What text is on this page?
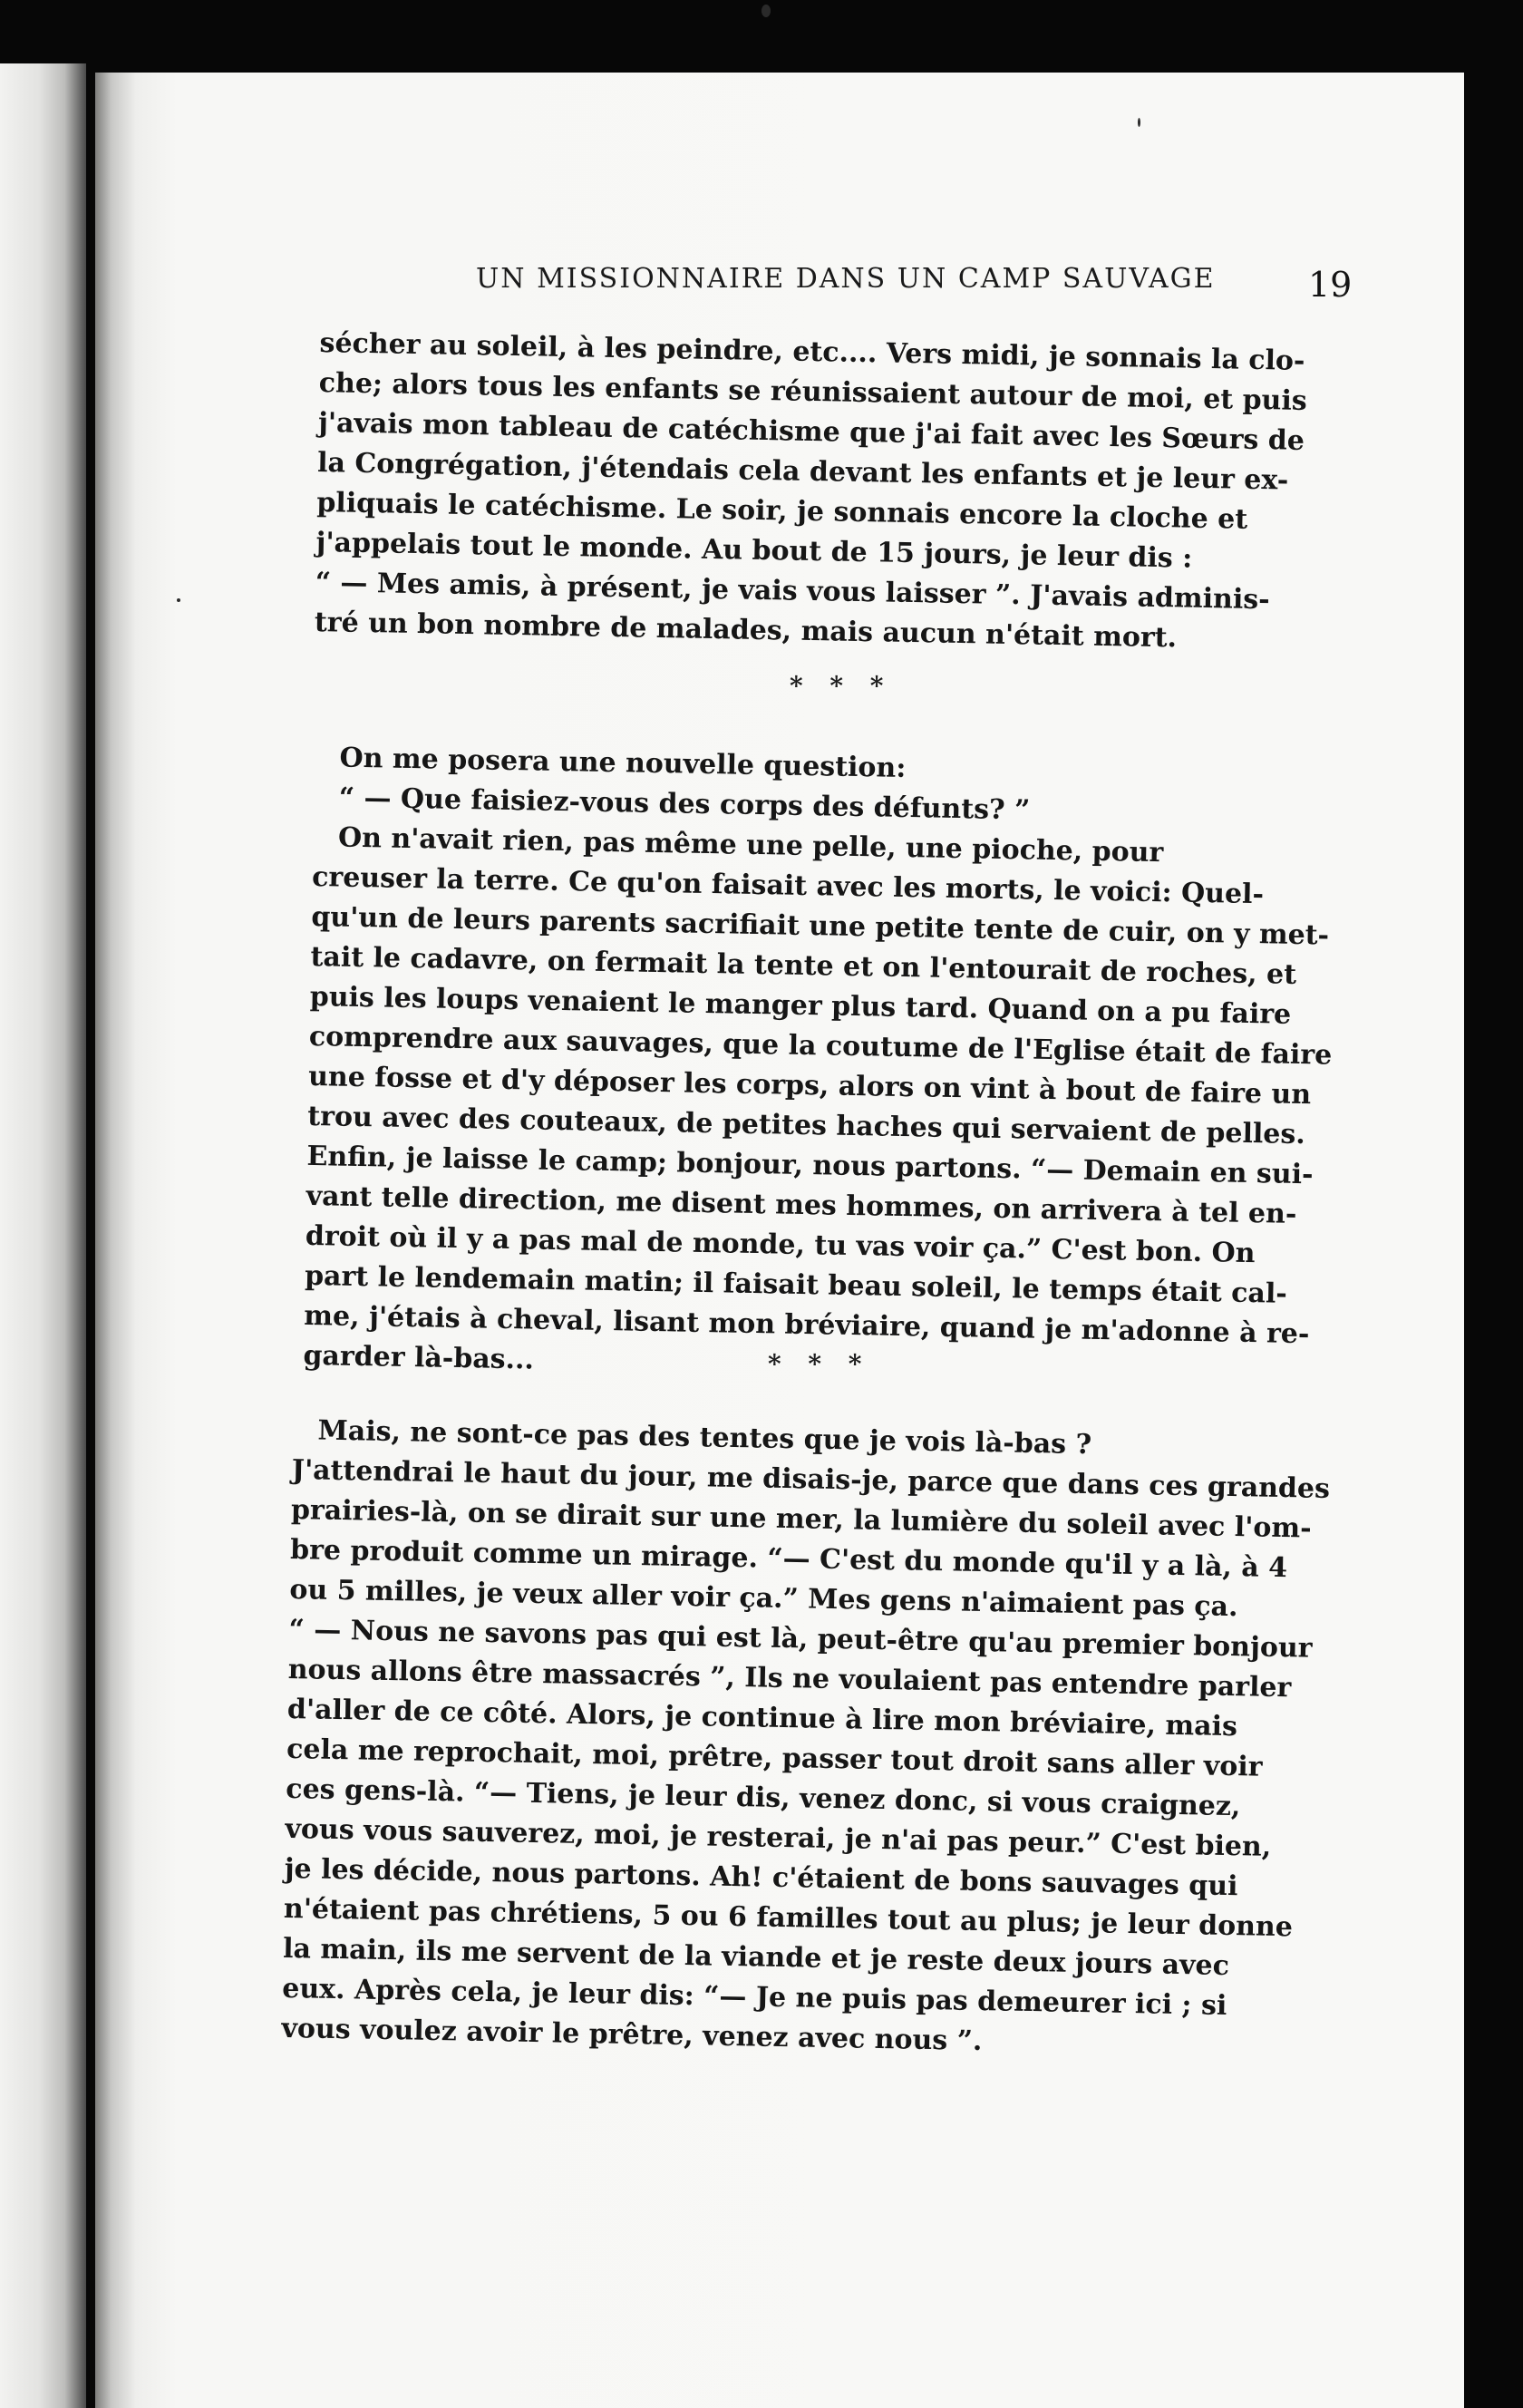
UN MISSIONNAIRE DANS UN CAMP SAUVAGE	19
sécher au soleil, à les peindre, etc.... Vers midi, je sonnais la clo-
che; alors tous les enfants se réunissaient autour de moi, et puis
j'avais mon tableau de catéchisme que j'ai fait avec les Sœurs de
la Congrégation, j'étendais cela devant les enfants et je leur ex-
pliquais le catéchisme. Le soir, je sonnais encore la cloche et
j'appelais tout le monde. Au bout de 15 jours, je leur dis :
“ — Mes amis, à présent, je vais vous laisser ”. J'avais adminis-
tré un bon nombre de malades, mais aucun n'était mort.
* * *
On me posera une nouvelle question:
“ — Que faisiez-vous des corps des défunts? ”
On n'avait rien, pas même une pelle, une pioche, pour
creuser la terre. Ce qu'on faisait avec les morts, le voici: Quel-
qu'un de leurs parents sacrifiait une petite tente de cuir, on y met-
tait le cadavre, on fermait la tente et on l'entourait de roches, et
puis les loups venaient le manger plus tard. Quand on a pu faire
comprendre aux sauvages, que la coutume de l'Eglise était de faire
une fosse et d'y déposer les corps, alors on vint à bout de faire un
trou avec des couteaux, de petites haches qui servaient de pelles.
Enfin, je laisse le camp; bonjour, nous partons. “— Demain en sui-
vant telle direction, me disent mes hommes, on arrivera à tel en-
droit où il y a pas mal de monde, tu vas voir ça.” C'est bon. On
part le lendemain matin; il faisait beau soleil, le temps était cal-
me, j'étais à cheval, lisant mon bréviaire, quand je m'adonne à re-
garder là-bas...	* * *
Mais, ne sont-ce pas des tentes que je vois là-bas ?
J'attendrai le haut du jour, me disais-je, parce que dans ces grandes
prairies-là, on se dirait sur une mer, la lumière du soleil avec l'om-
bre produit comme un mirage. “— C'est du monde qu'il y a là, à 4
ou 5 milles, je veux aller voir ça.” Mes gens n'aimaient pas ça.
“ — Nous ne savons pas qui est là, peut-être qu'au premier bonjour
nous allons être massacrés ”, Ils ne voulaient pas entendre parler
d'aller de ce côté. Alors, je continue à lire mon bréviaire, mais
cela me reprochait, moi, prêtre, passer tout droit sans aller voir
ces gens-là. “— Tiens, je leur dis, venez donc, si vous craignez,
vous vous sauverez, moi, je resterai, je n'ai pas peur.” C'est bien,
je les décide, nous partons. Ah! c'étaient de bons sauvages qui
n'étaient pas chrétiens, 5 ou 6 familles tout au plus; je leur donne
la main, ils me servent de la viande et je reste deux jours avec
eux. Après cela, je leur dis: “— Je ne puis pas demeurer ici ; si
vous voulez avoir le prêtre, venez avec nous ”.
